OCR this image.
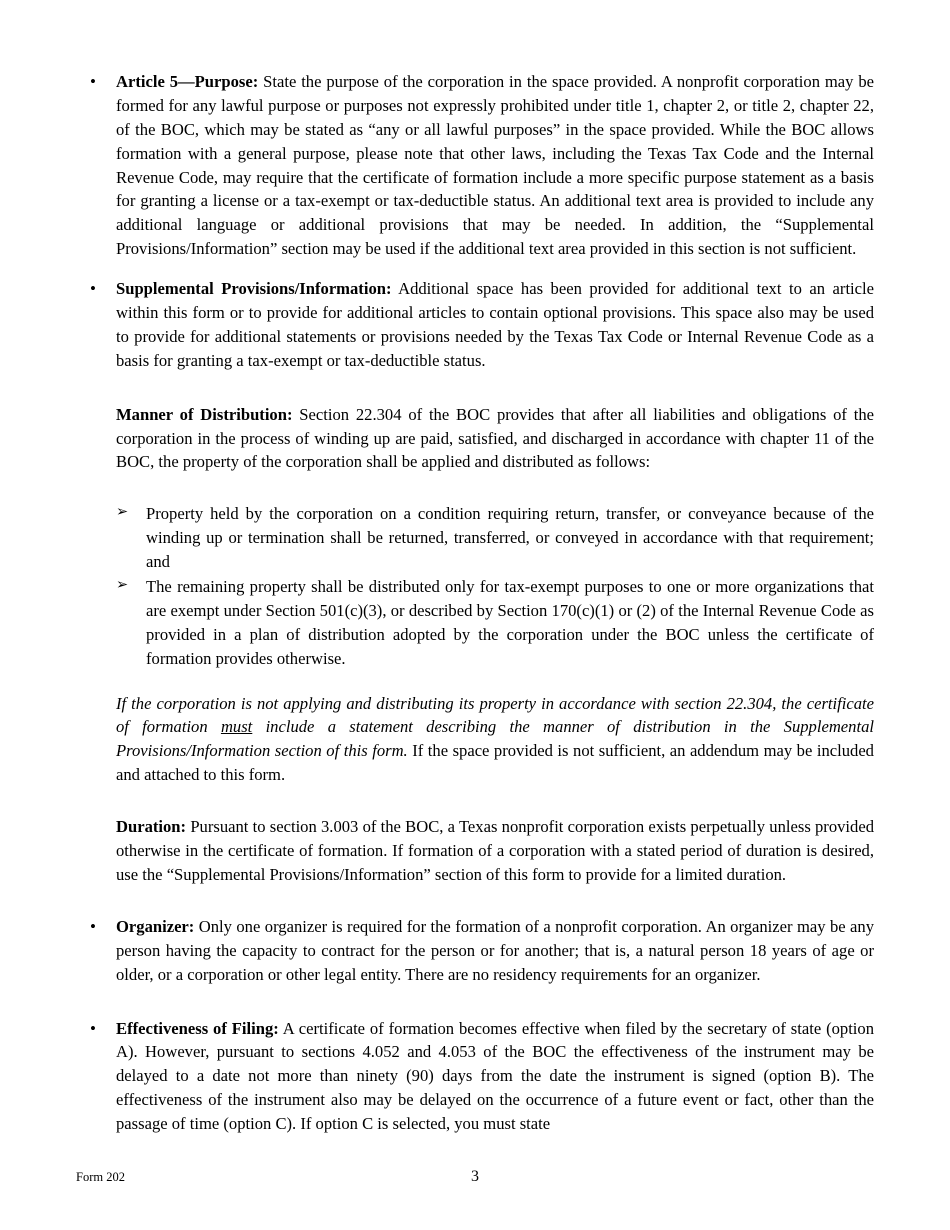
• Article 5—Purpose: State the purpose of the corporation in the space provided. A nonprofit corporation may be formed for any lawful purpose or purposes not expressly prohibited under title 1, chapter 2, or title 2, chapter 22, of the BOC, which may be stated as “any or all lawful purposes” in the space provided. While the BOC allows formation with a general purpose, please note that other laws, including the Texas Tax Code and the Internal Revenue Code, may require that the certificate of formation include a more specific purpose statement as a basis for granting a license or a tax-exempt or tax-deductible status. An additional text area is provided to include any additional language or additional provisions that may be needed. In addition, the “Supplemental Provisions/Information” section may be used if the additional text area provided in this section is not sufficient.
• Supplemental Provisions/Information: Additional space has been provided for additional text to an article within this form or to provide for additional articles to contain optional provisions. This space also may be used to provide for additional statements or provisions needed by the Texas Tax Code or Internal Revenue Code as a basis for granting a tax-exempt or tax-deductible status.
Manner of Distribution: Section 22.304 of the BOC provides that after all liabilities and obligations of the corporation in the process of winding up are paid, satisfied, and discharged in accordance with chapter 11 of the BOC, the property of the corporation shall be applied and distributed as follows:
➢ Property held by the corporation on a condition requiring return, transfer, or conveyance because of the winding up or termination shall be returned, transferred, or conveyed in accordance with that requirement; and
➢ The remaining property shall be distributed only for tax-exempt purposes to one or more organizations that are exempt under Section 501(c)(3), or described by Section 170(c)(1) or (2) of the Internal Revenue Code as provided in a plan of distribution adopted by the corporation under the BOC unless the certificate of formation provides otherwise.
If the corporation is not applying and distributing its property in accordance with section 22.304, the certificate of formation must include a statement describing the manner of distribution in the Supplemental Provisions/Information section of this form. If the space provided is not sufficient, an addendum may be included and attached to this form.
Duration: Pursuant to section 3.003 of the BOC, a Texas nonprofit corporation exists perpetually unless provided otherwise in the certificate of formation. If formation of a corporation with a stated period of duration is desired, use the “Supplemental Provisions/Information” section of this form to provide for a limited duration.
• Organizer: Only one organizer is required for the formation of a nonprofit corporation. An organizer may be any person having the capacity to contract for the person or for another; that is, a natural person 18 years of age or older, or a corporation or other legal entity. There are no residency requirements for an organizer.
• Effectiveness of Filing: A certificate of formation becomes effective when filed by the secretary of state (option A). However, pursuant to sections 4.052 and 4.053 of the BOC the effectiveness of the instrument may be delayed to a date not more than ninety (90) days from the date the instrument is signed (option B). The effectiveness of the instrument also may be delayed on the occurrence of a future event or fact, other than the passage of time (option C). If option C is selected, you must state
Form 202	3
